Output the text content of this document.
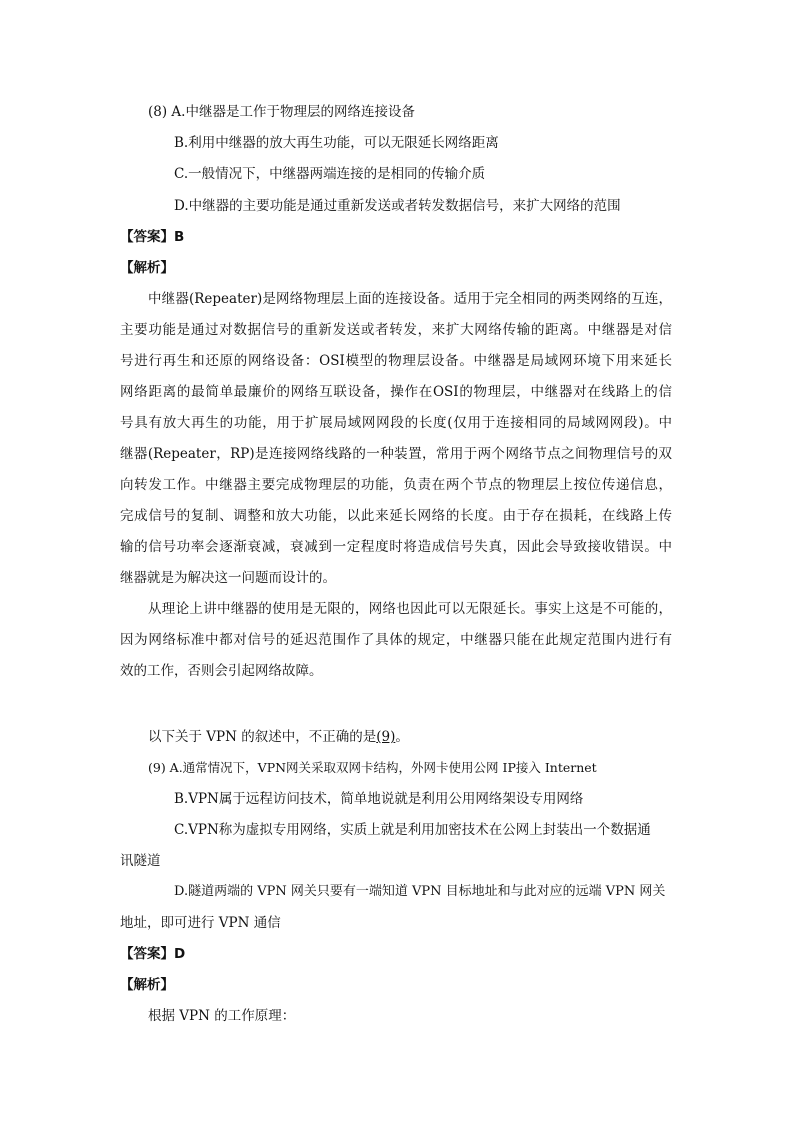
(8) A.中继器是工作于物理层的网络连接设备
B.利用中继器的放大再生功能，可以无限延长网络距离
C.一般情况下，中继器两端连接的是相同的传输介质
D.中继器的主要功能是通过重新发送或者转发数据信号，来扩大网络的范围
【答案】B
【解析】
中继器(Repeater)是网络物理层上面的连接设备。适用于完全相同的两类网络的互连，
主要功能是通过对数据信号的重新发送或者转发，来扩大网络传输的距离。中继器是对信
号进行再生和还原的网络设备：OSI模型的物理层设备。中继器是局域网环境下用来延长
网络距离的最简单最廉价的网络互联设备，操作在OSI的物理层，中继器对在线路上的信
号具有放大再生的功能，用于扩展局域网网段的长度(仅用于连接相同的局域网网段)。中
继器(Repeater，RP)是连接网络线路的一种装置，常用于两个网络节点之间物理信号的双
向转发工作。中继器主要完成物理层的功能，负责在两个节点的物理层上按位传递信息，
完成信号的复制、调整和放大功能，以此来延长网络的长度。由于存在损耗，在线路上传
输的信号功率会逐渐衰减，衰减到一定程度时将造成信号失真，因此会导致接收错误。中
继器就是为解决这一问题而设计的。
从理论上讲中继器的使用是无限的，网络也因此可以无限延长。事实上这是不可能的，
因为网络标准中都对信号的延迟范围作了具体的规定，中继器只能在此规定范围内进行有
效的工作，否则会引起网络故障。
以下关于 VPN 的叙述中，不正确的是(9)。
(9) A.通常情况下，VPN网关采取双网卡结构，外网卡使用公网 IP接入 Internet
B.VPN属于远程访问技术，简单地说就是利用公用网络架设专用网络
C.VPN称为虚拟专用网络，实质上就是利用加密技术在公网上封装出一个数据通
讯隧道
D.隧道两端的 VPN 网关只要有一端知道 VPN 目标地址和与此对应的远端 VPN 网关
地址，即可进行 VPN 通信
【答案】D
【解析】
根据 VPN 的工作原理：
